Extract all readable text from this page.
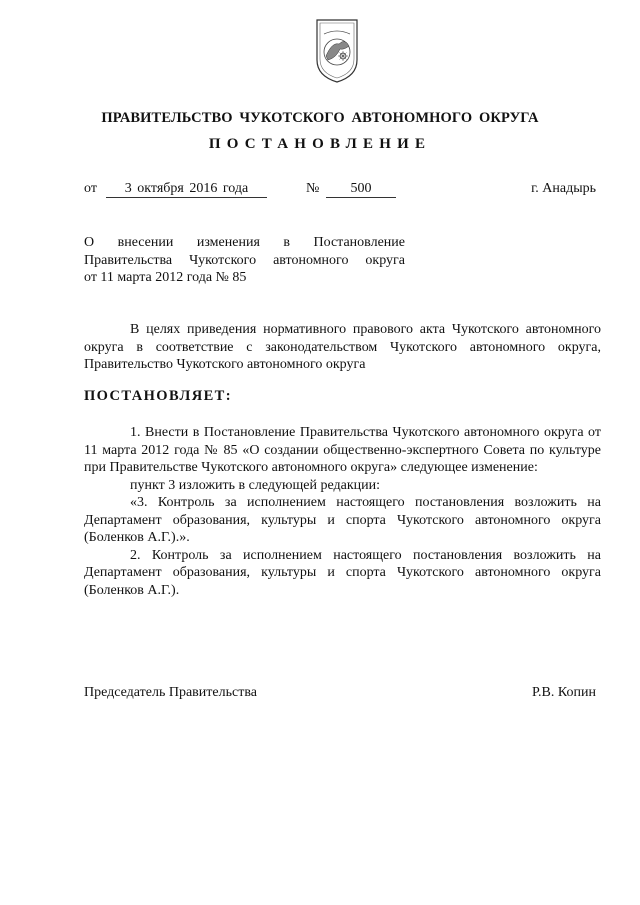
ПРАВИТЕЛЬСТВО ЧУКОТСКОГО АВТОНОМНОГО ОКРУГА
ПОСТАНОВЛЕНИЕ
от	3 октября 2016 года	№	500	г. Анадырь
О внесении изменения в Постановление
Правительства Чукотского автономного округа
от 11 марта 2012 года № 85

В целях приведения нормативного правового акта Чукотского автономного округа в соответствие с законодательством Чукотского автономного округа, Правительство Чукотского автономного округа

ПОСТАНОВЛЯЕТ:

1. Внести в Постановление Правительства Чукотского автономного округа от 11 марта 2012 года № 85 «О создании общественно-экспертного Совета по культуре при Правительстве Чукотского автономного округа» следующее изменение:

пункт 3 изложить в следующей редакции:

«3. Контроль за исполнением настоящего постановления возложить на Департамент образования, культуры и спорта Чукотского автономного округа (Боленков А.Г.).».

2. Контроль за исполнением настоящего постановления возложить на Департамент образования, культуры и спорта Чукотского автономного округа (Боленков А.Г.).

Председатель Правительства	Р.В. Копин
